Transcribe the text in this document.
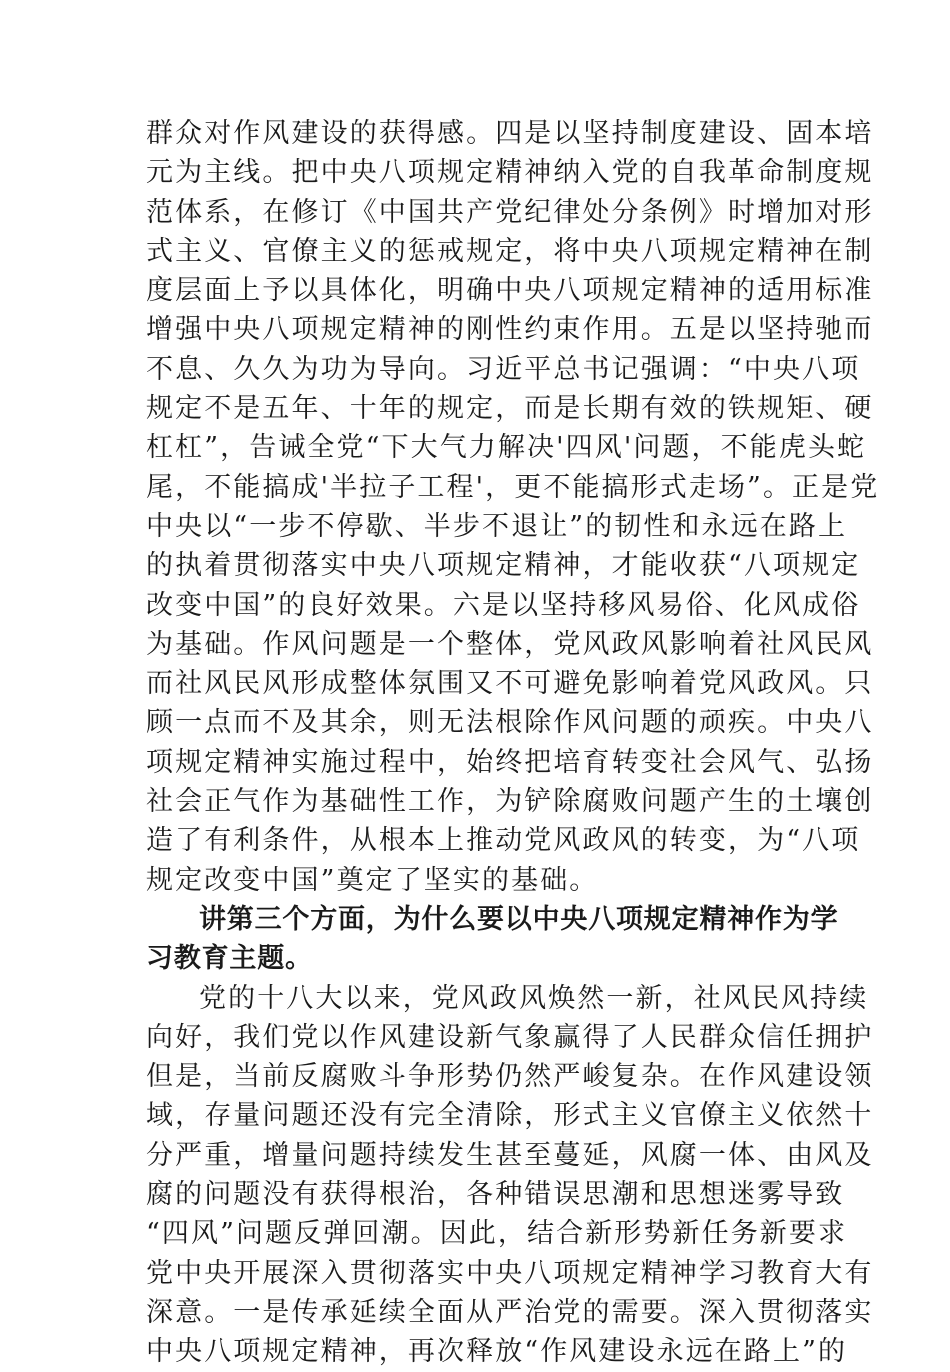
群众对作风建设的获得感。四是以坚持制度建设、固本培
元为主线。把中央八项规定精神纳入党的自我革命制度规
范体系，在修订《中国共产党纪律处分条例》时增加对形
式主义、官僚主义的惩戒规定，将中央八项规定精神在制
度层面上予以具体化，明确中央八项规定精神的适用标准
增强中央八项规定精神的刚性约束作用。五是以坚持驰而
不息、久久为功为导向。习近平总书记强调：“中央八项
规定不是五年、十年的规定，而是长期有效的铁规矩、硬
杠杠”，告诫全党“下大气力解决'四风'问题，不能虎头蛇
尾，不能搞成'半拉子工程'，更不能搞形式走场”。正是党
中央以“一步不停歇、半步不退让”的韧性和永远在路上
的执着贯彻落实中央八项规定精神，才能收获“八项规定
改变中国”的良好效果。六是以坚持移风易俗、化风成俗
为基础。作风问题是一个整体，党风政风影响着社风民风
而社风民风形成整体氛围又不可避免影响着党风政风。只
顾一点而不及其余，则无法根除作风问题的顽疾。中央八
项规定精神实施过程中，始终把培育转变社会风气、弘扬
社会正气作为基础性工作，为铲除腐败问题产生的土壤创
造了有利条件，从根本上推动党风政风的转变，为“八项
规定改变中国”奠定了坚实的基础。
讲第三个方面，为什么要以中央八项规定精神作为学
习教育主题。
党的十八大以来，党风政风焕然一新，社风民风持续
向好，我们党以作风建设新气象赢得了人民群众信任拥护
但是，当前反腐败斗争形势仍然严峻复杂。在作风建设领
域，存量问题还没有完全清除，形式主义官僚主义依然十
分严重，增量问题持续发生甚至蔓延，风腐一体、由风及
腐的问题没有获得根治，各种错误思潮和思想迷雾导致
“四风”问题反弹回潮。因此，结合新形势新任务新要求
党中央开展深入贯彻落实中央八项规定精神学习教育大有
深意。一是传承延续全面从严治党的需要。深入贯彻落实
中央八项规定精神，再次释放“作风建设永远在路上”的
